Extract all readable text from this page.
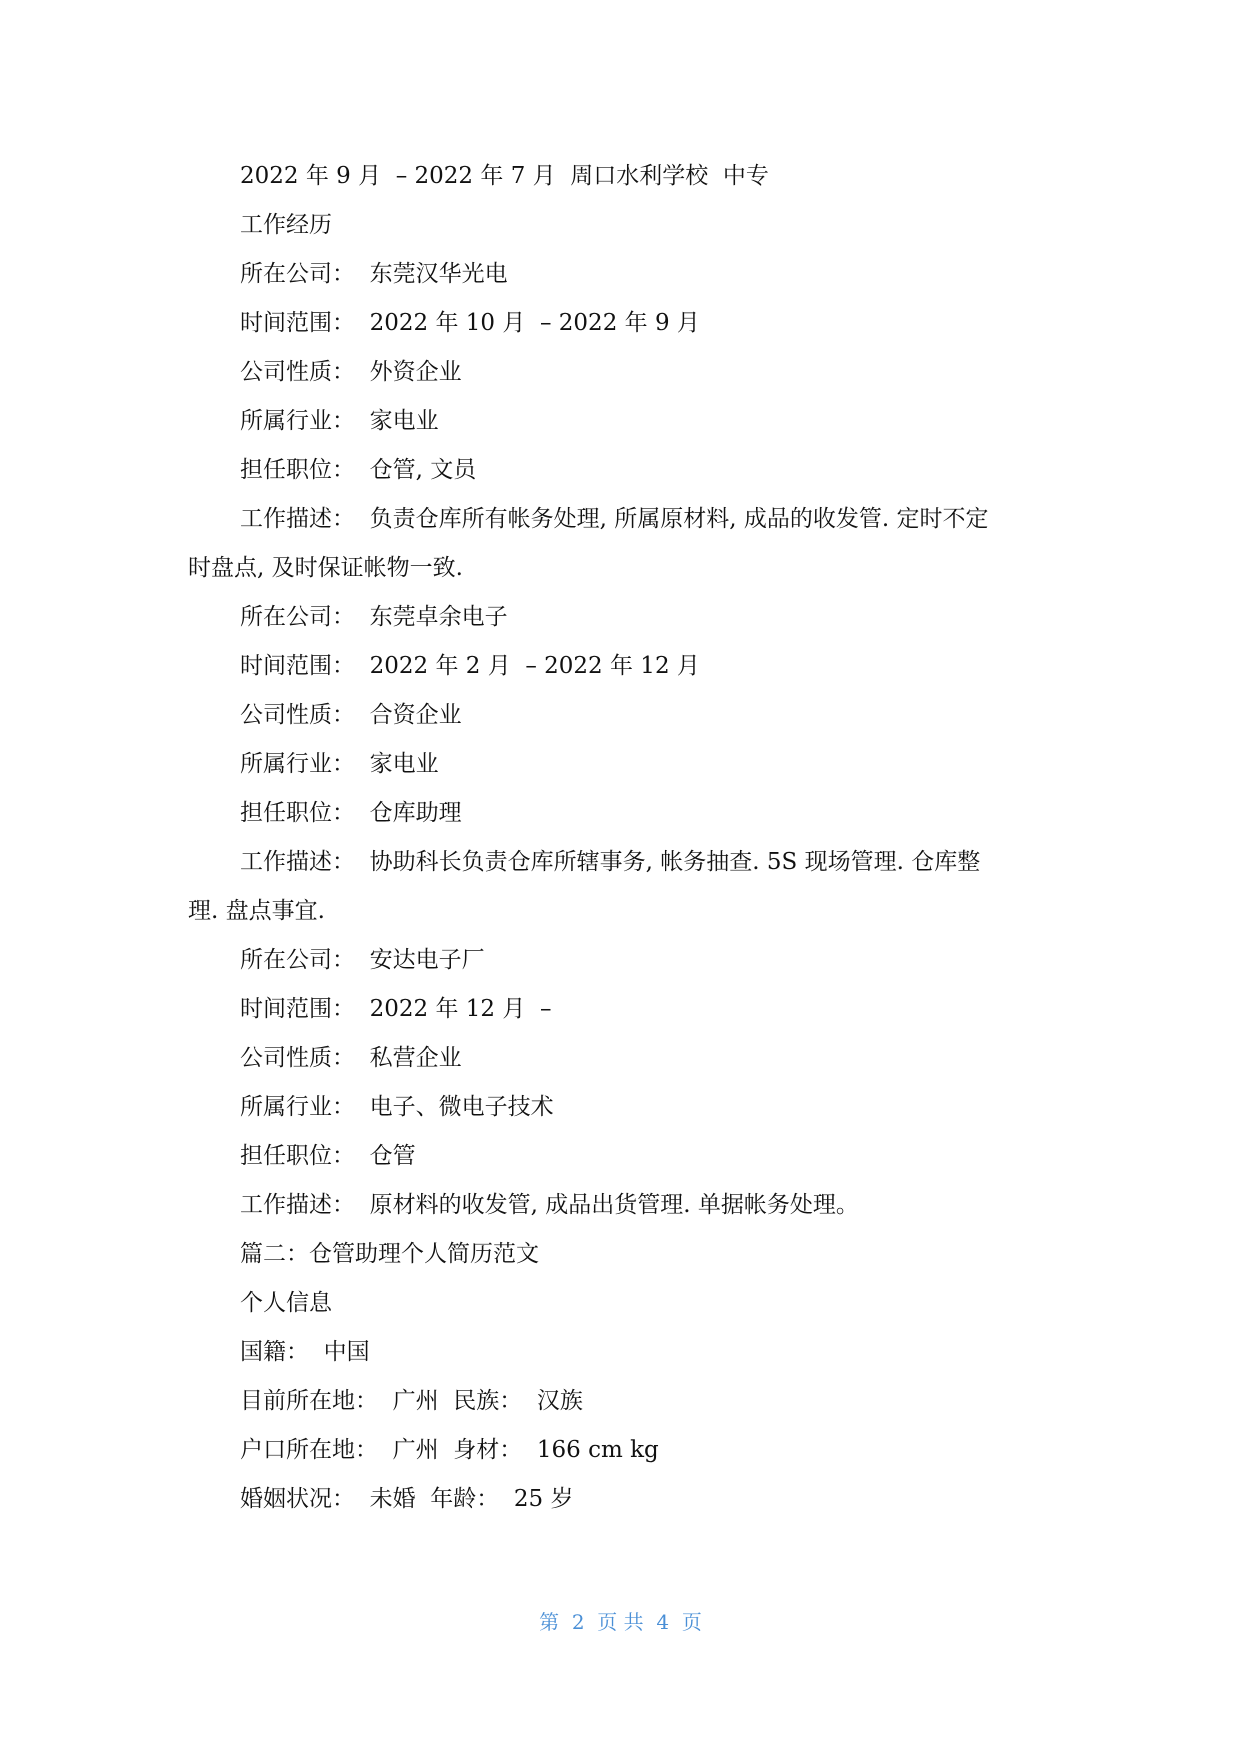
2022 年 9 月  – 2022 年 7 月  周口水利学校  中专
工作经历
所在公司：  东莞汉华光电
时间范围：  2022 年 10 月  – 2022 年 9 月
公司性质：  外资企业
所属行业：  家电业
担任职位：  仓管, 文员
工作描述：  负责仓库所有帐务处理, 所属原材料, 成品的收发管. 定时不定
时盘点, 及时保证帐物一致.
所在公司：  东莞卓余电子
时间范围：  2022 年 2 月  – 2022 年 12 月
公司性质：  合资企业
所属行业：  家电业
担任职位：  仓库助理
工作描述：  协助科长负责仓库所辖事务, 帐务抽查. 5S 现场管理. 仓库整
理. 盘点事宜.
所在公司：  安达电子厂
时间范围：  2022 年 12 月  –
公司性质：  私营企业
所属行业：  电子、微电子技术
担任职位：  仓管
工作描述：  原材料的收发管, 成品出货管理. 单据帐务处理。
篇二：仓管助理个人简历范文
个人信息
国籍：  中国
目前所在地：  广州  民族：  汉族
户口所在地：  广州  身材：  166 cm kg
婚姻状况：  未婚  年龄：  25 岁
第  2  页 共  4  页
